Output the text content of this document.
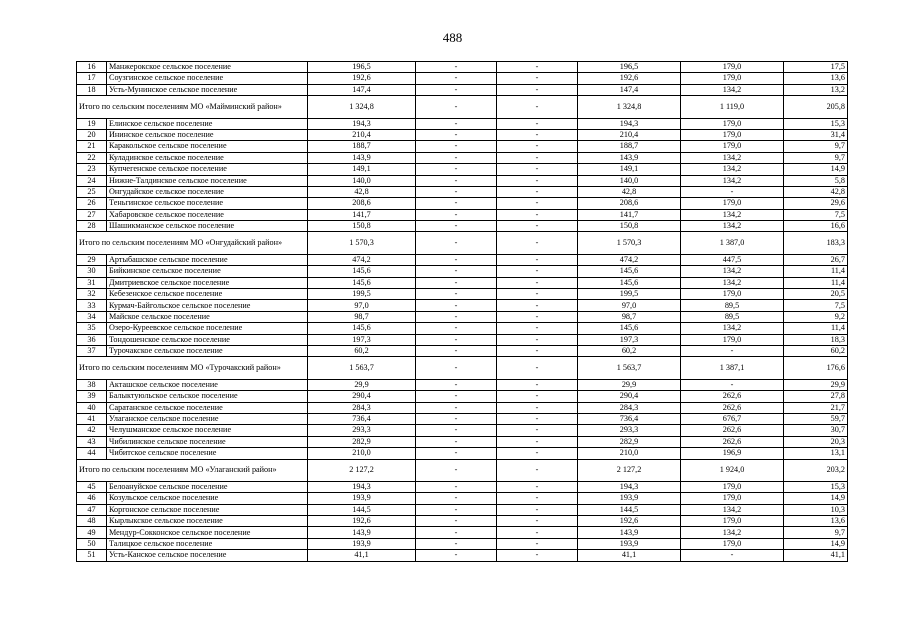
488
16	Манжерокское сельское поселение	196,5	-	-	196,5	179,0	17,5
17	Соузгинское сельское поселение	192,6	-	-	192,6	179,0	13,6
18	Усть-Мунинское сельское поселение	147,4	-	-	147,4	134,2	13,2
Итого по сельским поселениям МО «Майминский район»		1 324,8	-	-	1 324,8	1 119,0	205,8
19	Елинское сельское поселение	194,3	-	-	194,3	179,0	15,3
20	Ининское сельское поселение	210,4	-	-	210,4	179,0	31,4
21	Каракольское сельское поселение	188,7	-	-	188,7	179,0	9,7
22	Куладинское сельское поселение	143,9	-	-	143,9	134,2	9,7
23	Купчегенское сельское поселение	149,1	-	-	149,1	134,2	14,9
24	Нижне-Талдинское сельское поселение	140,0	-	-	140,0	134,2	5,8
25	Онгудайское сельское поселение	42,8	-	-	42,8	-	42,8
26	Теньгинское сельское поселение	208,6	-	-	208,6	179,0	29,6
27	Хабаровское сельское поселение	141,7	-	-	141,7	134,2	7,5
28	Шашикманское сельское поселение	150,8	-	-	150,8	134,2	16,6
Итого по сельским поселениям МО «Онгудайский район»		1 570,3	-	-	1 570,3	1 387,0	183,3
29	Артыбашское сельское поселение	474,2	-	-	474,2	447,5	26,7
30	Бийкинское сельское поселение	145,6	-	-	145,6	134,2	11,4
31	Дмитриевское сельское поселение	145,6	-	-	145,6	134,2	11,4
32	Кебезенское сельское поселение	199,5	-	-	199,5	179,0	20,5
33	Курмач-Байгольское сельское поселение	97,0	-	-	97,0	89,5	7,5
34	Майское сельское поселение	98,7	-	-	98,7	89,5	9,2
35	Озеро-Куреевское сельское поселение	145,6	-	-	145,6	134,2	11,4
36	Тондошенское сельское поселение	197,3	-	-	197,3	179,0	18,3
37	Турочакское сельское поселение	60,2	-	-	60,2	-	60,2
Итого по сельским поселениям МО «Турочакский район»		1 563,7	-	-	1 563,7	1 387,1	176,6
38	Акташское сельское поселение	29,9	-	-	29,9	-	29,9
39	Балыктуюльское сельское поселение	290,4	-	-	290,4	262,6	27,8
40	Саратанское сельское поселение	284,3	-	-	284,3	262,6	21,7
41	Улаганское сельское поселение	736,4	-	-	736,4	676,7	59,7
42	Челушманское сельское поселение	293,3	-	-	293,3	262,6	30,7
43	Чибилинское сельское поселение	282,9	-	-	282,9	262,6	20,3
44	Чибитское сельское поселение	210,0	-	-	210,0	196,9	13,1
Итого по сельским поселениям МО «Улаганский район»		2 127,2	-	-	2 127,2	1 924,0	203,2
45	Белоануйское сельское поселение	194,3	-	-	194,3	179,0	15,3
46	Козульское сельское поселение	193,9	-	-	193,9	179,0	14,9
47	Коргонское сельское поселение	144,5	-	-	144,5	134,2	10,3
48	Кырлыкское сельское поселение	192,6	-	-	192,6	179,0	13,6
49	Мендур-Сокконское сельское поселение	143,9	-	-	143,9	134,2	9,7
50	Талицкое сельское поселение	193,9	-	-	193,9	179,0	14,9
51	Усть-Канское сельское поселение	41,1	-	-	41,1	-	41,1
